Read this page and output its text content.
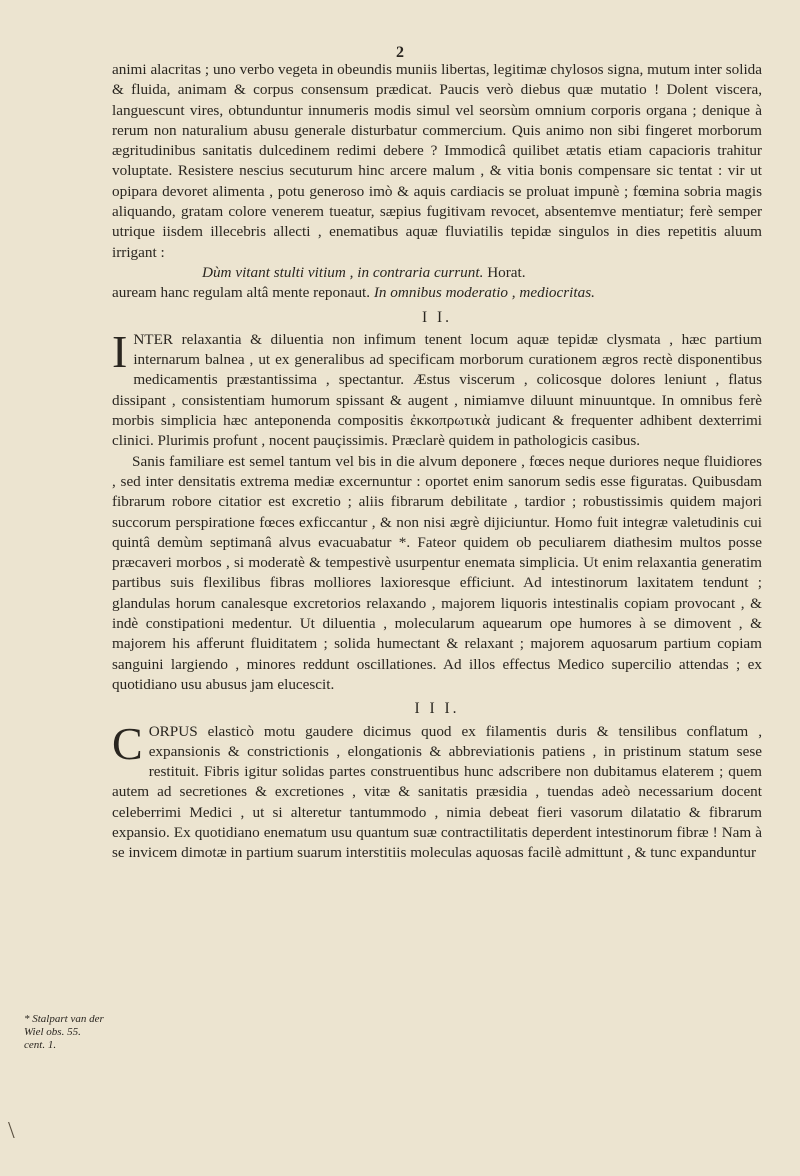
2

animi alacritas ; uno verbo vegeta in obeundis muniis libertas, legitimæ chylosos signa, mutum inter solida & fluida, animam & corpus consensum prædicat. Paucis verò diebus quæ mutatio ! Dolent viscera, languescunt vires, obtunduntur innumeris modis simul vel seorsùm omnium corporis organa ; denique à rerum non naturalium abusu generale disturbatur commercium. Quis animo non sibi fingeret morborum ægritudinibus sanitatis dulcedinem redimi debere ? Immodicâ quilibet ætatis etiam capacioris trahitur voluptate. Resistere nescius secuturum hinc arcere malum , & vitia bonis compensare sic tentat : vir ut opipara devoret alimenta , potu generoso imò & aquis cardiacis se proluat impunè ; fœmina sobria magis aliquando, gratam colore venerem tueatur, sæpius fugitivam revocet, absentemve mentiatur; ferè semper utrique iisdem illecebris allecti , enematibus aquæ fluviatilis tepidæ singulos in dies repetitis aluum irrigant :

Dùm vitant stulti vitium , in contraria currunt. Horat.

auream hanc regulam altâ mente reponaut. In omnibus moderatio , mediocritas.

I I.

INTER relaxantia & diluentia non infimum tenent locum aquæ tepidæ clysmata , hæc partium internarum balnea , ut ex generalibus ad specificam morborum curationem ægros rectè disponentibus medicamentis præstantissima , spectantur. Æstus viscerum , colicosque dolores leniunt , flatus dissipant , consistentiam humorum spissant & augent , nimiamve diluunt minuuntque. In omnibus ferè morbis simplicia hæc anteponenda compositis ἐκκοπρωτικὰ judicant & frequenter adhibent dexterrimi clinici. Plurimis profunt , nocent pauçissimis. Præclarè quidem in pathologicis casibus.

Sanis familiare est semel tantum vel bis in die alvum deponere , fœces neque duriores neque fluidiores , sed inter densitatis extrema mediæ excernuntur : oportet enim sanorum sedis esse figuratas. Quibusdam fibrarum robore citatior est excretio ; aliis fibrarum debilitate , tardior ; robustissimis quidem majori succorum perspiratione fœces exficcantur , & non nisi ægrè dijiciuntur. Homo fuit integræ valetudinis cui quintâ demùm septimanâ alvus evacuabatur *. Fateor quidem ob peculiarem diathesim multos posse præcaveri morbos , si moderatè & tempestivè usurpentur enemata simplicia. Ut enim relaxantia generatim partibus suis flexilibus fibras molliores laxioresque efficiunt. Ad intestinorum laxitatem tendunt ; glandulas horum canalesque excretorios relaxando , majorem liquoris intestinalis copiam provocant , & indè constipationi medentur. Ut diluentia , molecularum aquearum ope humores à se dimovent , & majorem his afferunt fluiditatem ; solida humectant & relaxant ; majorem aquosarum partium copiam sanguini largiendo , minores reddunt oscillationes. Ad illos effectus Medico supercilio attendas ; ex quotidiano usu abusus jam elucescit.

I I I.

CORPUS elasticò motu gaudere dicimus quod ex filamentis duris & tensilibus conflatum , expansionis & constrictionis , elongationis & abbreviationis patiens , in pristinum statum sese restituit. Fibris igitur solidas partes construentibus hunc adscribere non dubitamus elaterem ; quem autem ad secretiones & excretiones , vitæ & sanitatis præsidia , tuendas adeò necessarium docent celeberrimi Medici , ut si alteretur tantummodo , nimia debeat fieri vasorum dilatatio & fibrarum expansio. Ex quotidiano enematum usu quantum suæ contractilitatis deperdent intestinorum fibræ ! Nam à se invicem dimotæ in partium suarum interstitiis moleculas aquosas facilè admittunt , & tunc expanduntur

* Stalpart van der Wiel obs. 55. cent. 1.
\
